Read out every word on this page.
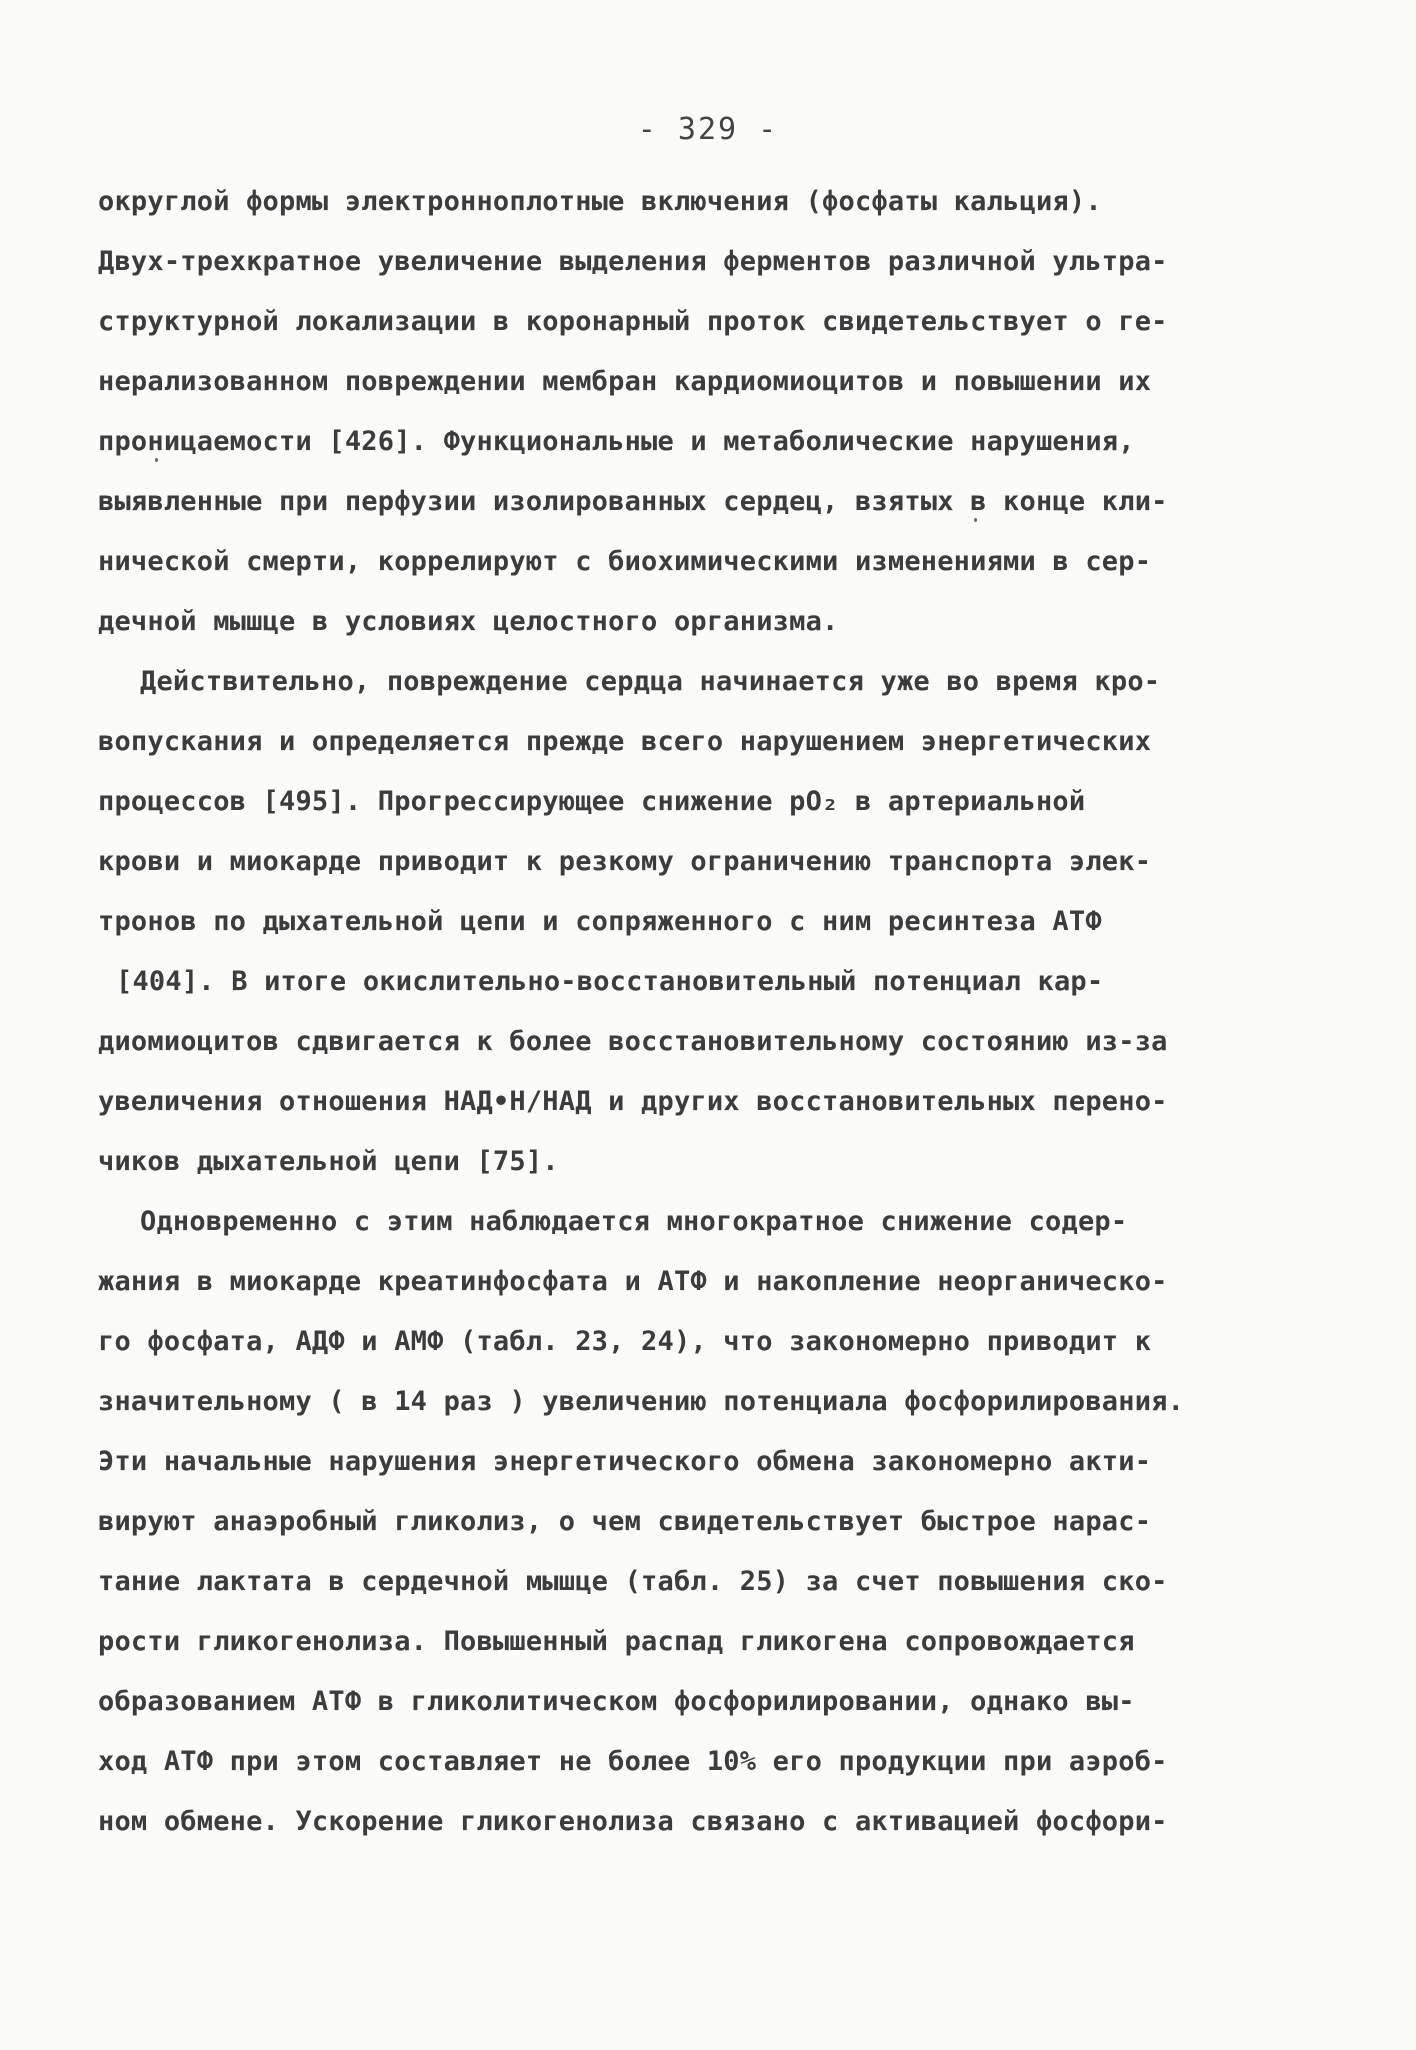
- 329 -
округлой формы электронноплотные включения (фосфаты кальция).
Двух-трехкратное увеличение выделения ферментов различной ультра-
структурной локализации в коронарный проток свидетельствует о ге-
нерализованном повреждении мембран кардиомиоцитов и повышении их
проницаемости [426]. Функциональные и метаболические нарушения,
выявленные при перфузии изолированных сердец, взятых в конце кли-
нической смерти, коррелируют с биохимическими изменениями в сер-
дечной мышце в условиях целостного организма.
Действительно, повреждение сердца начинается уже во время кро-
вопускания и определяется прежде всего нарушением энергетических
процессов [495]. Прогрессирующее снижение pO₂ в артериальной
крови и миокарде приводит к резкому ограничению транспорта элек-
тронов по дыхательной цепи и сопряженного с ним ресинтеза АТФ
[404]. В итоге окислительно-восстановительный потенциал кар-
диомиоцитов сдвигается к более восстановительному состоянию из-за
увеличения отношения НАД•Н/НАД и других восстановительных перено-
чиков дыхательной цепи [75].
Одновременно с этим наблюдается многократное снижение содер-
жания в миокарде креатинфосфата и АТФ и накопление неорганическо-
го фосфата, АДФ и АМФ (табл. 23, 24), что закономерно приводит к
значительному ( в 14 раз ) увеличению потенциала фосфорилирования.
Эти начальные нарушения энергетического обмена закономерно акти-
вируют анаэробный гликолиз, о чем свидетельствует быстрое нарас-
тание лактата в сердечной мышце (табл. 25) за счет повышения ско-
рости гликогенолиза. Повышенный распад гликогена сопровождается
образованием АТФ в гликолитическом фосфорилировании, однако вы-
ход АТФ при этом составляет не более 10% его продукции при аэроб-
ном обмене. Ускорение гликогенолиза связано с активацией фосфори-
